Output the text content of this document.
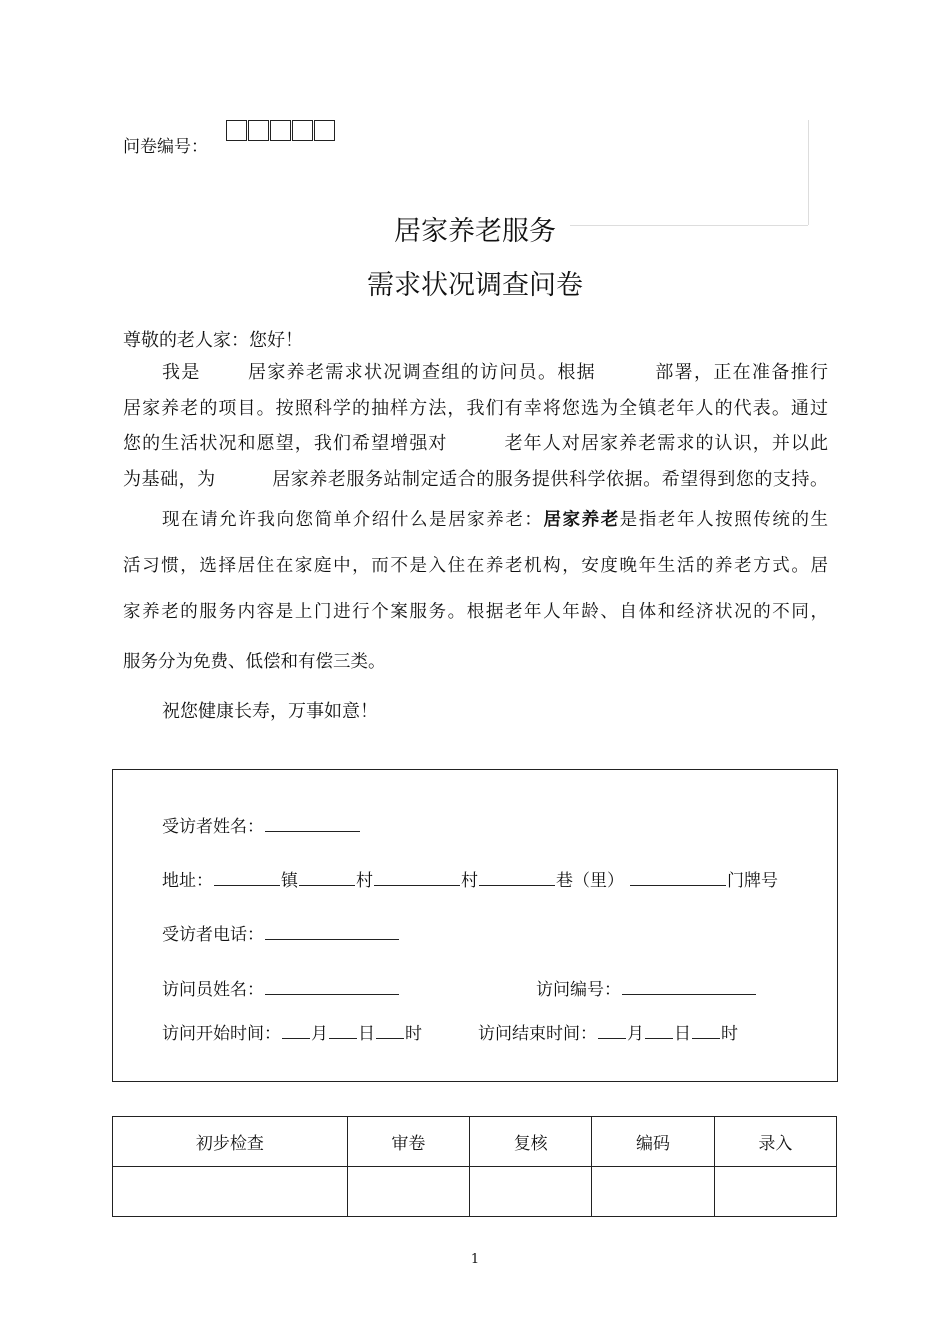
问卷编号：
居家养老服务
需求状况调查问卷
尊敬的老人家：您好！
我是	居家养老需求状况调查组的访问员。根据	部署，正在准备推行
居家养老的项目。按照科学的抽样方法，我们有幸将您选为全镇老年人的代表。通过
您的生活状况和愿望，我们希望增强对	老年人对居家养老需求的认识，并以此
为基础，为	居家养老服务站制定适合的服务提供科学依据。希望得到您的支持。
现在请允许我向您简单介绍什么是居家养老：居家养老是指老年人按照传统的生
活习惯，选择居住在家庭中，而不是入住在养老机构，安度晚年生活的养老方式。居
家养老的服务内容是上门进行个案服务。根据老年人年龄、自体和经济状况的不同，
服务分为免费、低偿和有偿三类。
祝您健康长寿，万事如意！
受访者姓名：
地址：	镇	村	村	巷（里）	门牌号
受访者电话：
访问员姓名：	访问编号：
访问开始时间： 月 日 时	访问结束时间： 月 日 时
初步检查	审卷	复核	编码	录入

1
